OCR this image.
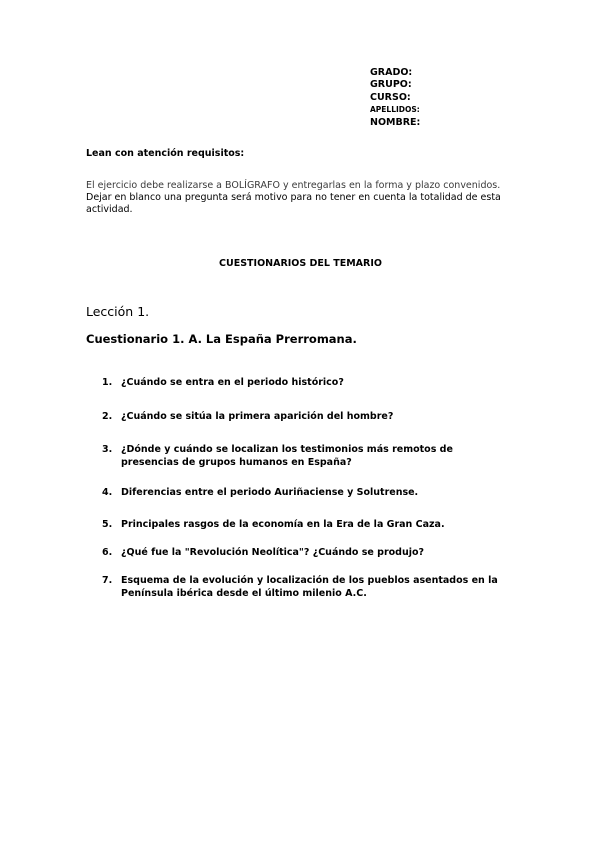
GRADO:
GRUPO:
CURSO:
APELLIDOS:
NOMBRE:
Lean con atención requisitos:

El ejercicio debe realizarse a BOLÍGRAFO y entregarlas en la forma y plazo convenidos.

Dejar en blanco una pregunta será motivo para no tener en cuenta la totalidad de esta actividad.

CUESTIONARIOS DEL TEMARIO
Lección 1.
Cuestionario 1. A. La España Prerromana.
1. ¿Cuándo se entra en el periodo histórico?
2. ¿Cuándo se sitúa la primera aparición del hombre?
3. ¿Dónde y cuándo se localizan los testimonios más remotos de presencias de grupos humanos en España?
4. Diferencias entre el periodo Auriñaciense y Solutrense.
5. Principales rasgos de la economía en la Era de la Gran Caza.
6. ¿Qué fue la "Revolución Neolítica"? ¿Cuándo se produjo?
7. Esquema de la evolución y localización de los pueblos asentados en la Península ibérica desde el último milenio A.C.
